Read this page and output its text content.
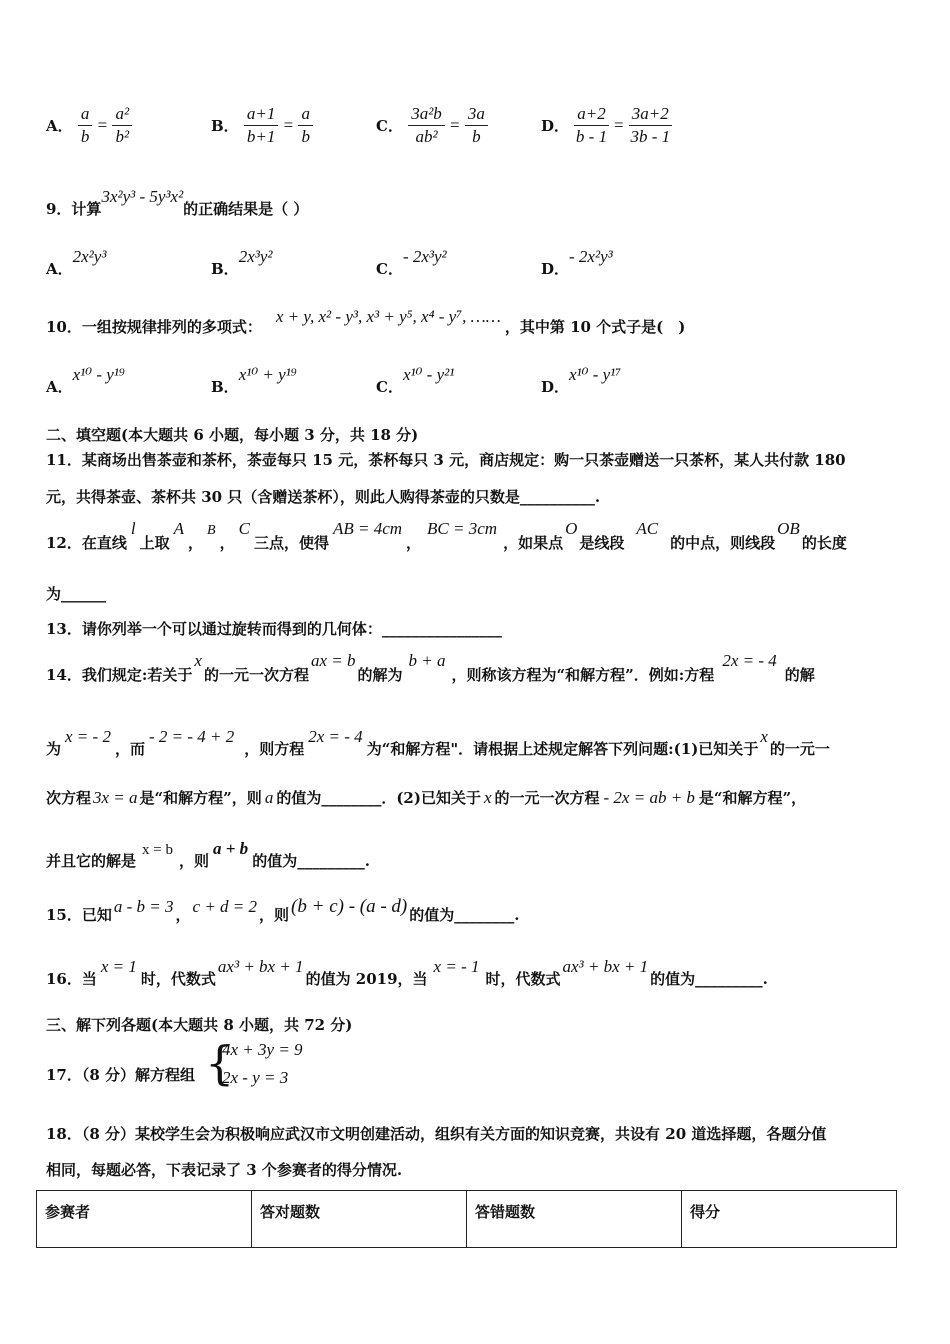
A． $\frac{a}{b} = \frac{\text{a²}}{\text{b²}}$	B． $\frac{a+1}{b+1} = \frac{a}{b}$	C． $\frac{\text{3a²b}}{\text{ab²}} = \frac{3a}{b}$	D． $\frac{a+2}{b - 1} = \frac{3a+2}{3b - 1}$
9．计算3x²y³ - 5y³x²的正确结果是（ ）
A．2x²y³
B．2x³y²
C．- 2x³y²
D．- 2x²y³
10．一组按规律排列的多项式：x + y, x² - y³, x³ + y⁵, x⁴ - y⁷, ……，其中第 10 个式子是(　)
A．x¹⁰ - y¹⁹
B．x¹⁰ + y¹⁹
C．x¹⁰ - y²¹
D．x¹⁰ - y¹⁷
二、填空题(本大题共 6 小题，每小题 3 分，共 18 分)
11．某商场出售茶壶和茶杯，茶壶每只 15 元，茶杯每只 3 元，商店规定：购一只茶壶赠送一只茶杯，某人共付款 180
元，共得茶壶、茶杯共 30 只（含赠送茶杯），则此人购得茶壶的只数是__________.
12．在直线l上取A，B，C三点，使得AB = 4cm，BC = 3cm，如果点O是线段AC的中点，则线段OB的长度
为______
13．请你列举一个可以通过旋转而得到的几何体：________________
14．我们规定:若关于x的一元一次方程ax = b的解为b + a，则称该方程为“和解方程”．例如:方程2x = - 4的解
为x = - 2，而- 2 = - 4 + 2，则方程2x = - 4为“和解方程"．请根据上述规定解答下列问题:(1)已知关于x的一元一
次方程 3x = a 是“和解方程”，则 a 的值为________．(2)已知关于 x 的一元一次方程 - 2x = ab + b 是“和解方程”，
并且它的解是x = b，则a + b的值为_________.
15．已知 a - b = 3 ， c + d = 2 ，则 (b + c) - (a - d) 的值为________.
16．当x = 1时，代数式ax³ + bx + 1的值为 2019，当x = - 1时，代数式ax³ + bx + 1的值为_________.
三、解下列各题(本大题共 8 小题，共 72 分)
17．（8 分）解方程组 {
4x + 3y = 9
2x - y = 3
18．（8 分）某校学生会为积极响应武汉市文明创建活动，组织有关方面的知识竞赛，共设有 20 道选择题，各题分值
相同，每题必答，下表记录了 3 个参赛者的得分情况.
参赛者	答对题数	答错题数	得分
